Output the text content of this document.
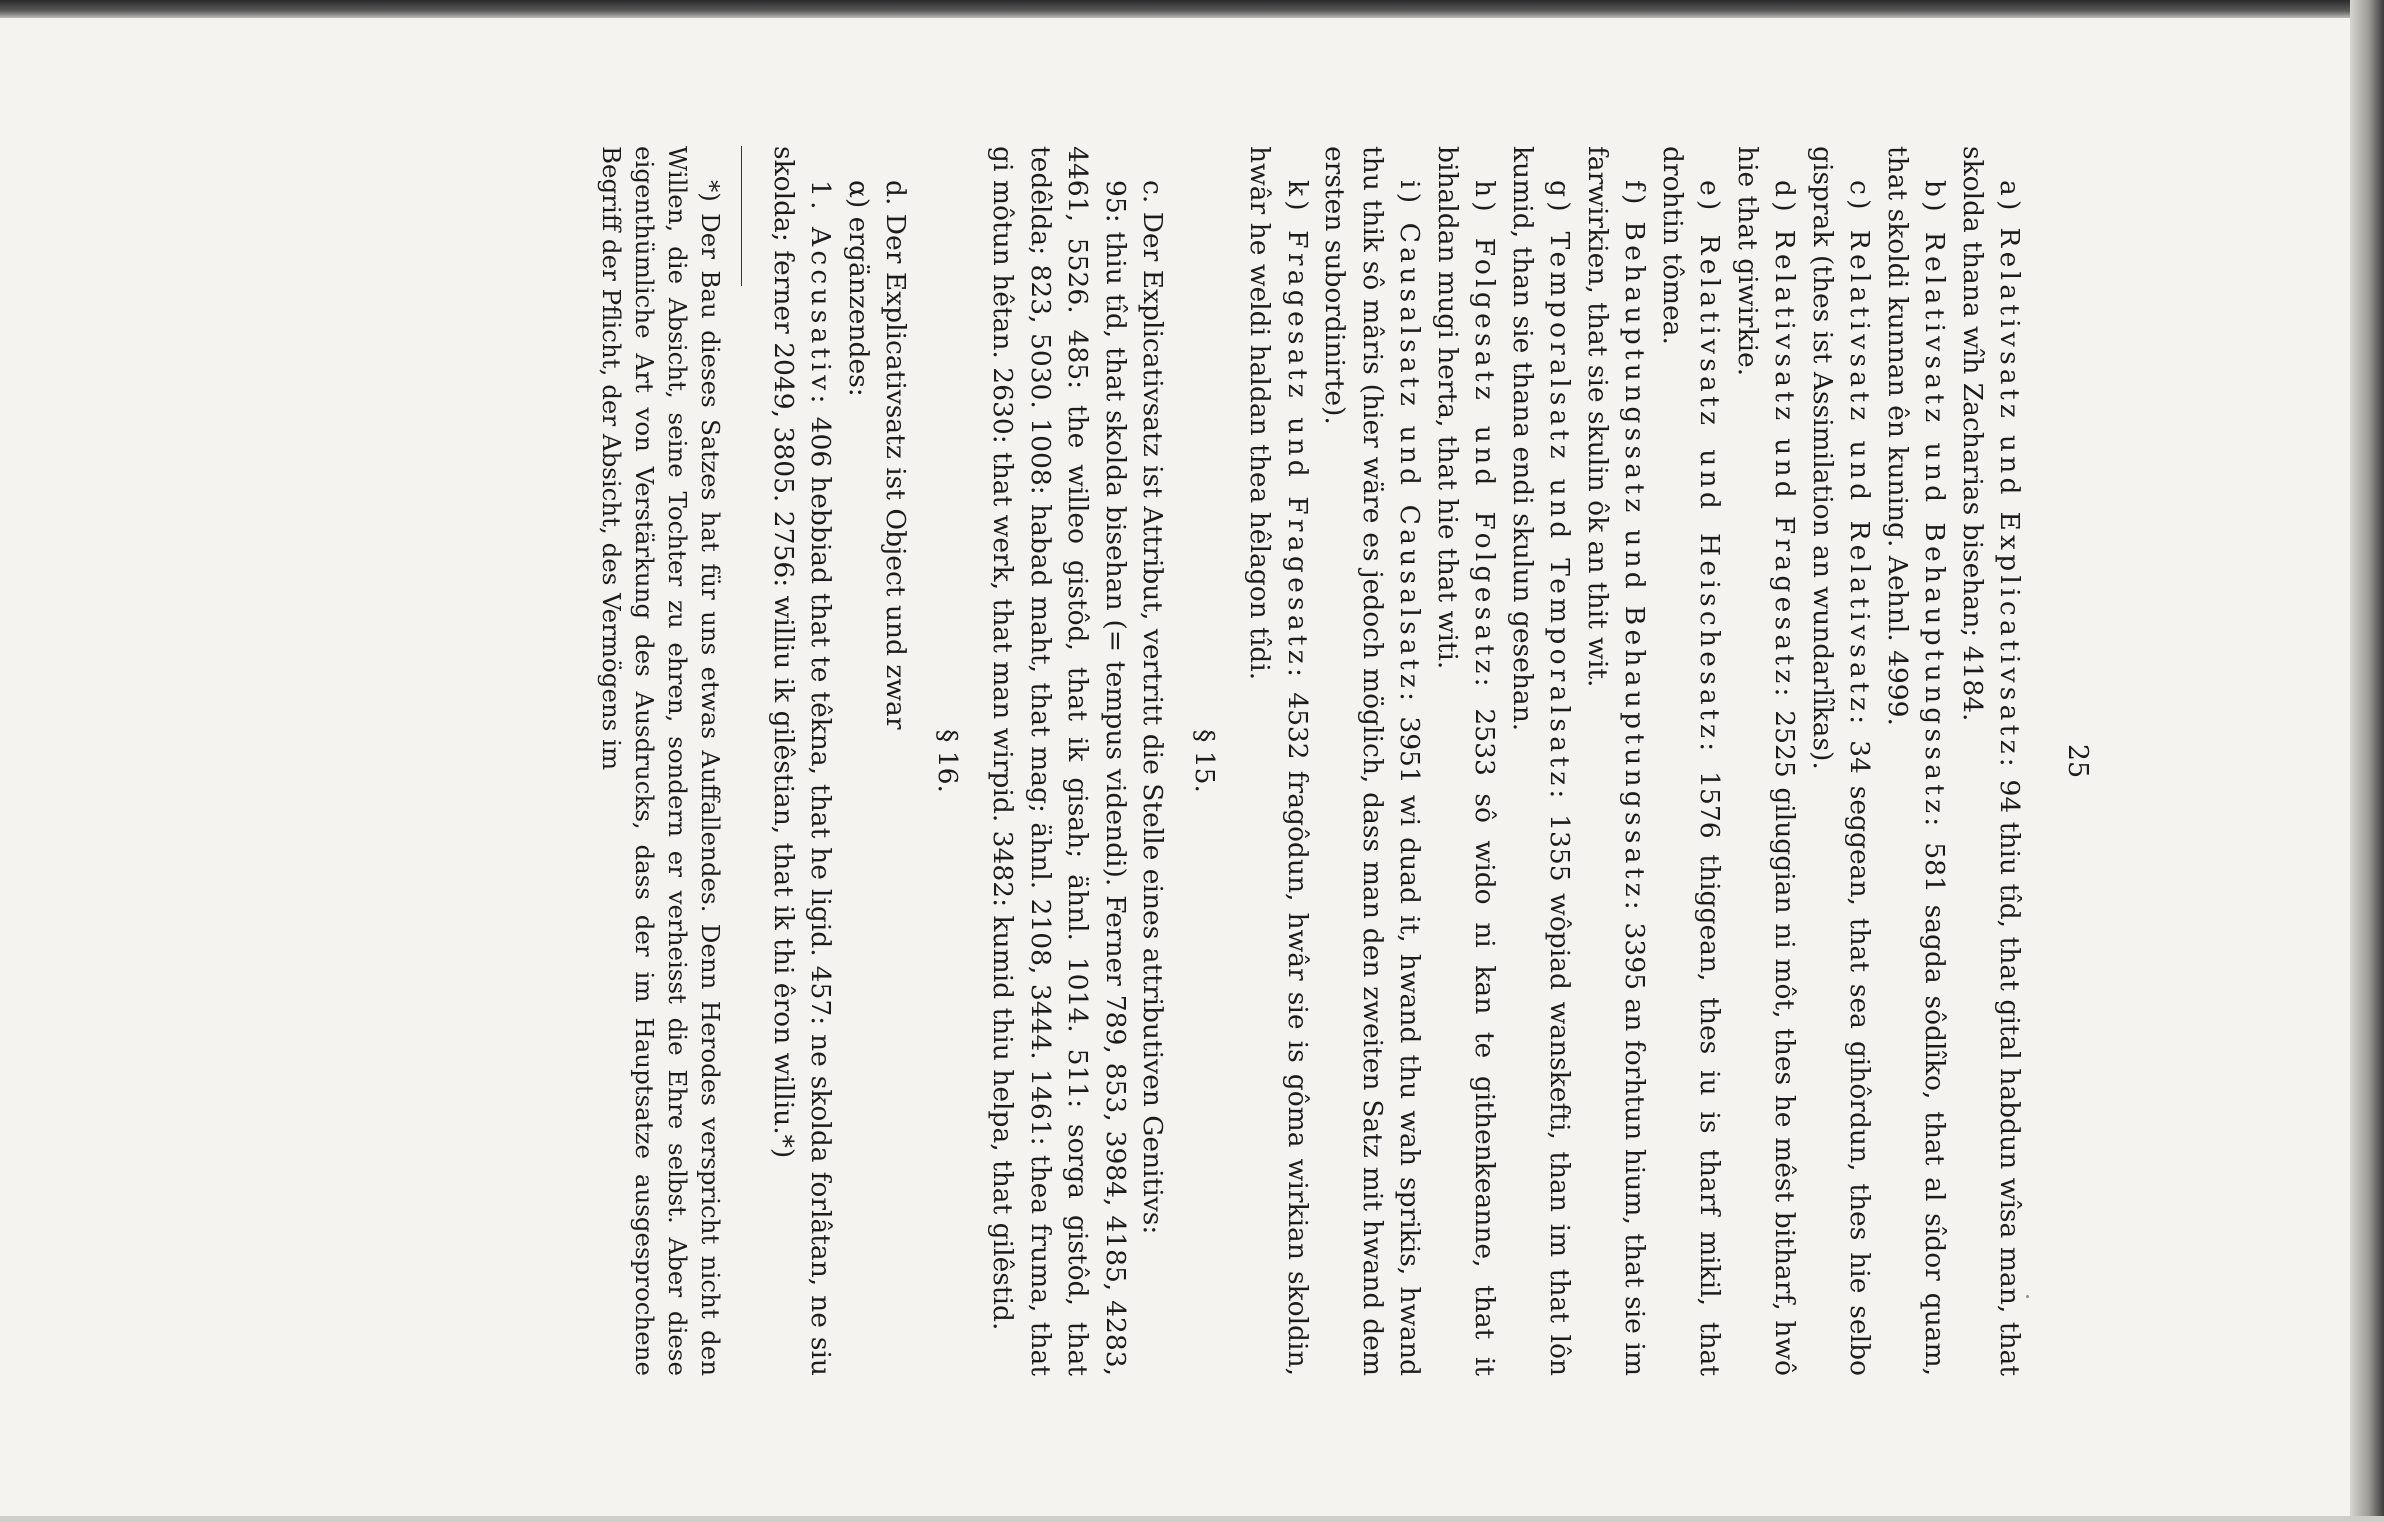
25

a) Relativsatz und Explicativsatz: 94 thiu tîd, that gital habdun wîsa man, that skolda thana wîh Zacharias bisehan; 4184.

b) Relativsatz und Behauptungssatz: 581 sagda sôdlîko, that al sîdor quam, that skoldi kunnan ên kuning. Aehnl. 4999.

c) Relativsatz und Relativsatz: 34 seggean, that sea gihôrdun, thes hie selbo gisprak (thes ist Assimilation an wundarlîkas).

d) Relativsatz und Fragesatz: 2525 giluggian ni môt, thes he mêst bitharf, hwô hie that giwirkie.

e) Relativsatz und Heischesatz: 1576 thiggean, thes iu is tharf mikil, that drohtin tômea.

f) Behauptungssatz und Behauptungssatz: 3395 an forhtun hium, that sie im farwirkien, that sie skulin ôk an thit wit.

g) Temporalsatz und Temporalsatz: 1355 wôpiad wanskefti, than im that lôn kumid, than sie thana endi skulun gesehan.

h) Folgesatz und Folgesatz: 2533 sô wido ni kan te githenkeanne, that it bihaldan mugi herta, that hie that witi.

i) Causalsatz und Causalsatz: 3951 wi duad it, hwand thu wah sprikis, hwand thu thik sô mâris (hier wäre es jedoch möglich, dass man den zweiten Satz mit hwand dem ersten subordinirte).

k) Fragesatz und Fragesatz: 4532 fragôdun, hwâr sie is gôma wirkian skoldin, hwâr he weldi haldan thea hêlagon tîdi.

§ 15.

c. Der Explicativsatz ist Attribut, vertritt die Stelle eines attributiven Genitivs:

95: thiu tîd, that skolda bisehan (= tempus videndi). Ferner 789, 853, 3984, 4185, 4283, 4461, 5526. 485: the willeo gistôd, that ik gisah; ähnl. 1014. 511: sorga gistôd, that tedêlda; 823, 5030. 1008: habad maht, that mag; ähnl. 2108, 3444. 1461: thea fruma, that gi môtun hêtan. 2630: that werk, that man wirpid. 3482: kumid thiu helpa, that gilêstid.

§ 16.

d. Der Explicativsatz ist Object und zwar

α) ergänzendes:

1. Accusativ: 406 hebbiad that te têkna, that he ligid. 457: ne skolda forlâtan, ne siu skolda; ferner 2049, 3805. 2756: williu ik gilêstian, that ik thi êron williu.*)

*) Der Bau dieses Satzes hat für uns etwas Auffallendes. Denn Herodes verspricht nicht den Willen, die Absicht, seine Tochter zu ehren, sondern er verheisst die Ehre selbst. Aber diese eigenthümliche Art von Verstärkung des Ausdrucks, dass der im Hauptsatze ausgesprochene Begriff der Pflicht, der Absicht, des Vermögens im
